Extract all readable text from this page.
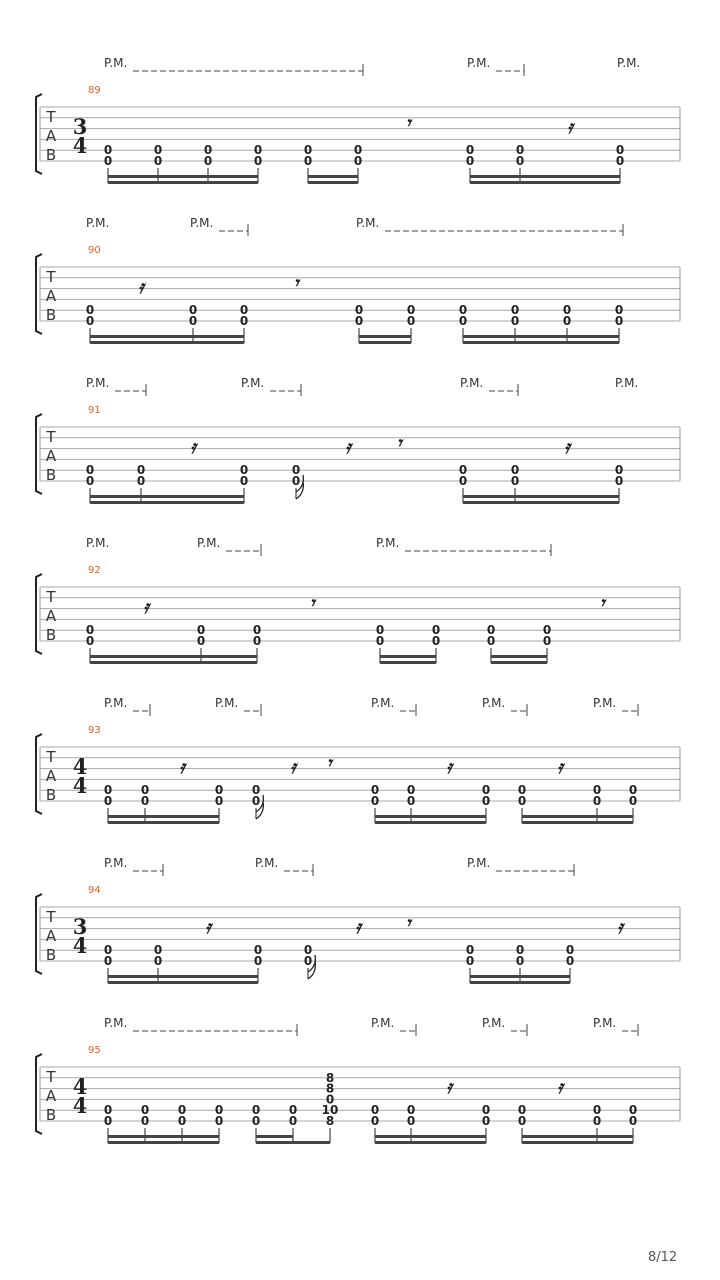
T
A
B
89
3
4
P.M.	P.M.	P.M.
0
0
0
0
0
0
0
0
0
0
0
0
0
0
0
0
0
0
𝄾	𝄿
T
A
B
90
P.M.	P.M.	P.M.
0
0
0
0
0
0
0
0
0
0
0
0
0
0
0
0
0
0
𝄿	𝄾
T
A
B
91
P.M.	P.M.	P.M.	P.M.
0
0
0
0
0
0
0
0
0
0
0
0
0
0
𝄿	𝄿	𝄾	𝄿
T
A
B
92
P.M.	P.M.	P.M.
0
0
0
0
0
0
0
0
0
0
0
0
0
0
𝄿	𝄾	𝄾
T
A
B
93
4
4
P.M.	P.M.	P.M.	P.M.	P.M.
0
0
0
0
0
0
0
0
0
0
0
0
0
0
0
0
0
0
0
0
𝄿	𝄿 𝄾	𝄿	𝄿
T
A
B
94
3
4
P.M.	P.M.	P.M.
0
0
0
0
0
0
0
0
0
0
0
0
0
0
𝄿	𝄿 𝄾	𝄿
T
A
B
95
4
4
P.M.	P.M.	P.M.	P.M.
0
0
0
0
0
0
0
0
0
0
0
0
8
8
0
10
8
0
0
0
0
0
0
0
0
0
0
0
0
𝄿	𝄿
8/12
